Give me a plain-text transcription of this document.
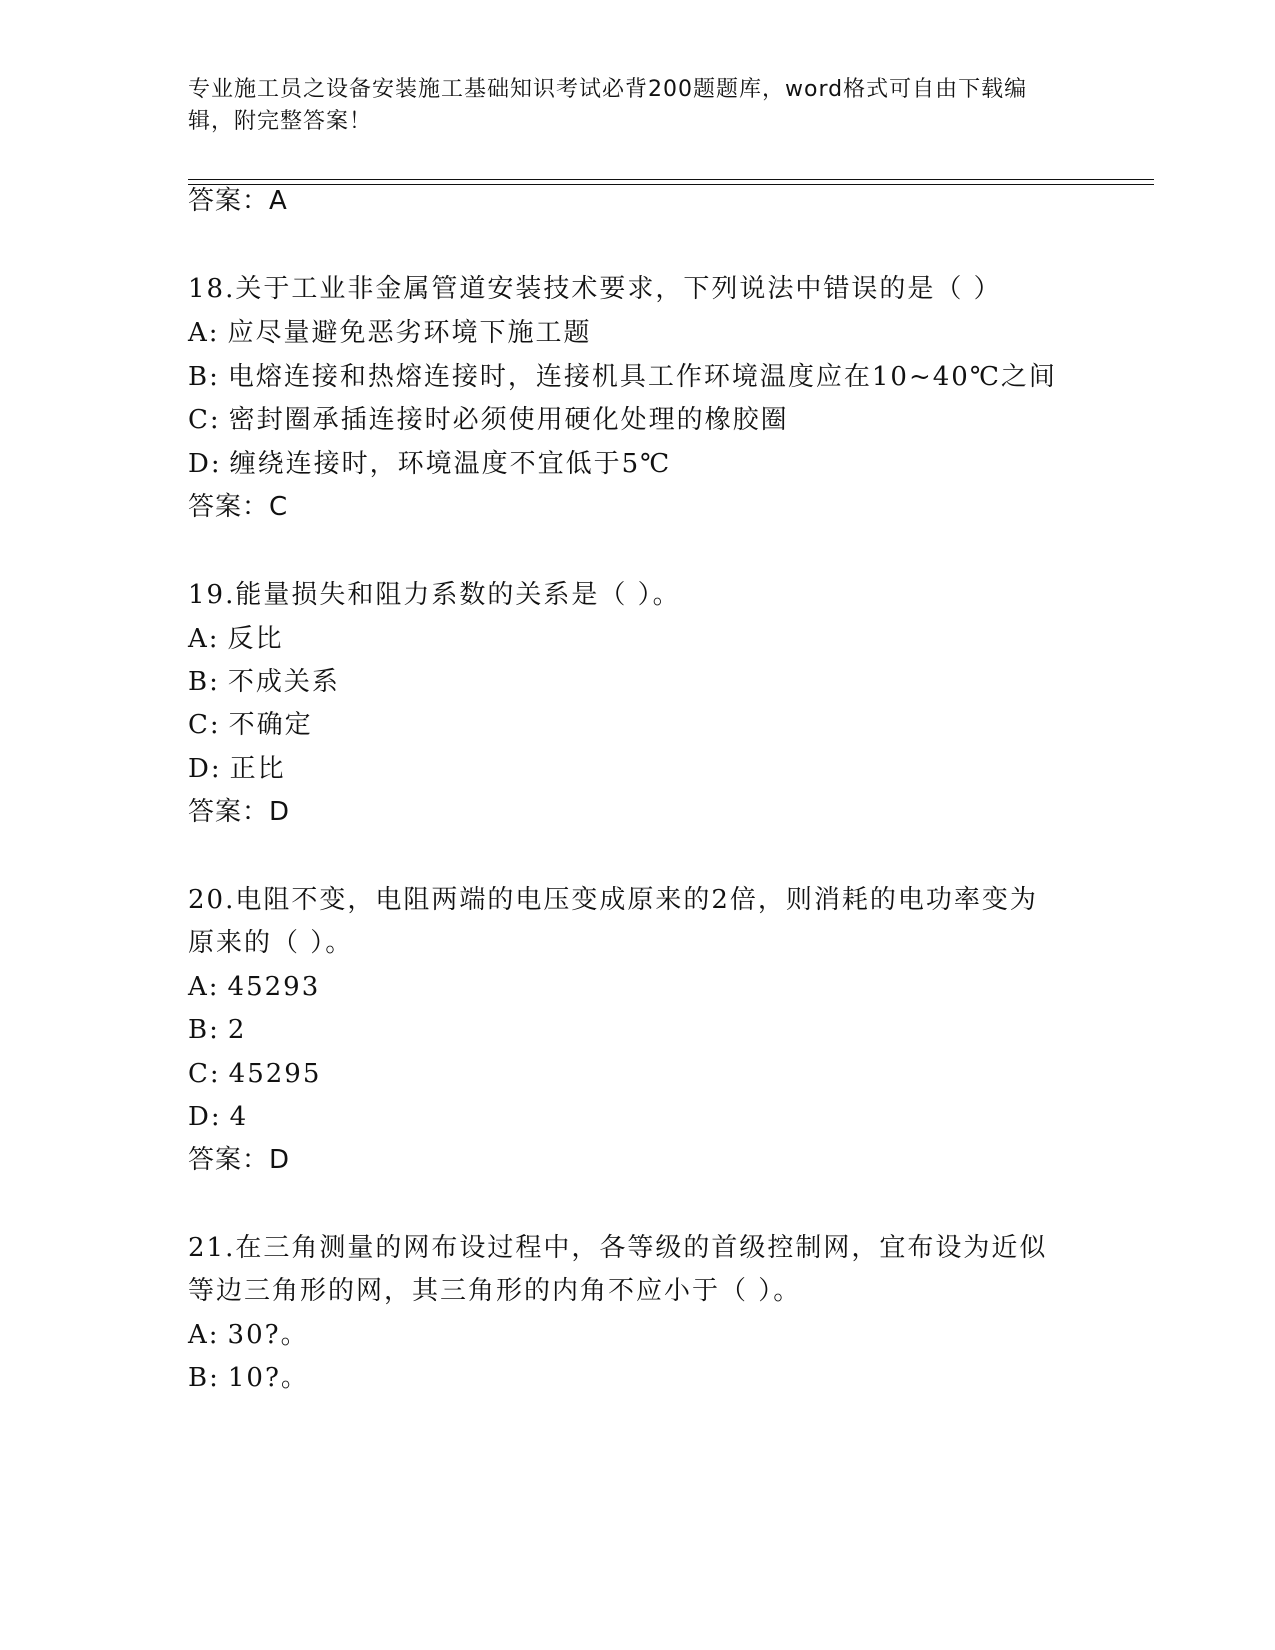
专业施工员之设备安装施工基础知识考试必背200题题库，word格式可自由下载编辑，附完整答案！
答案：A
18.关于工业非金属管道安装技术要求，下列说法中错误的是（ ）
A: 应尽量避免恶劣环境下施工题
B: 电熔连接和热熔连接时，连接机具工作环境温度应在10~40℃之间
C: 密封圈承插连接时必须使用硬化处理的橡胶圈
D: 缠绕连接时，环境温度不宜低于5℃
答案：C
19.能量损失和阻力系数的关系是（ ）。
A: 反比
B: 不成关系
C: 不确定
D: 正比
答案：D
20.电阻不变，电阻两端的电压变成原来的2倍，则消耗的电功率变为
原来的（ ）。
A: 45293
B: 2
C: 45295
D: 4
答案：D
21.在三角测量的网布设过程中，各等级的首级控制网，宜布设为近似
等边三角形的网，其三角形的内角不应小于（ ）。
A: 30?。
B: 10?。
